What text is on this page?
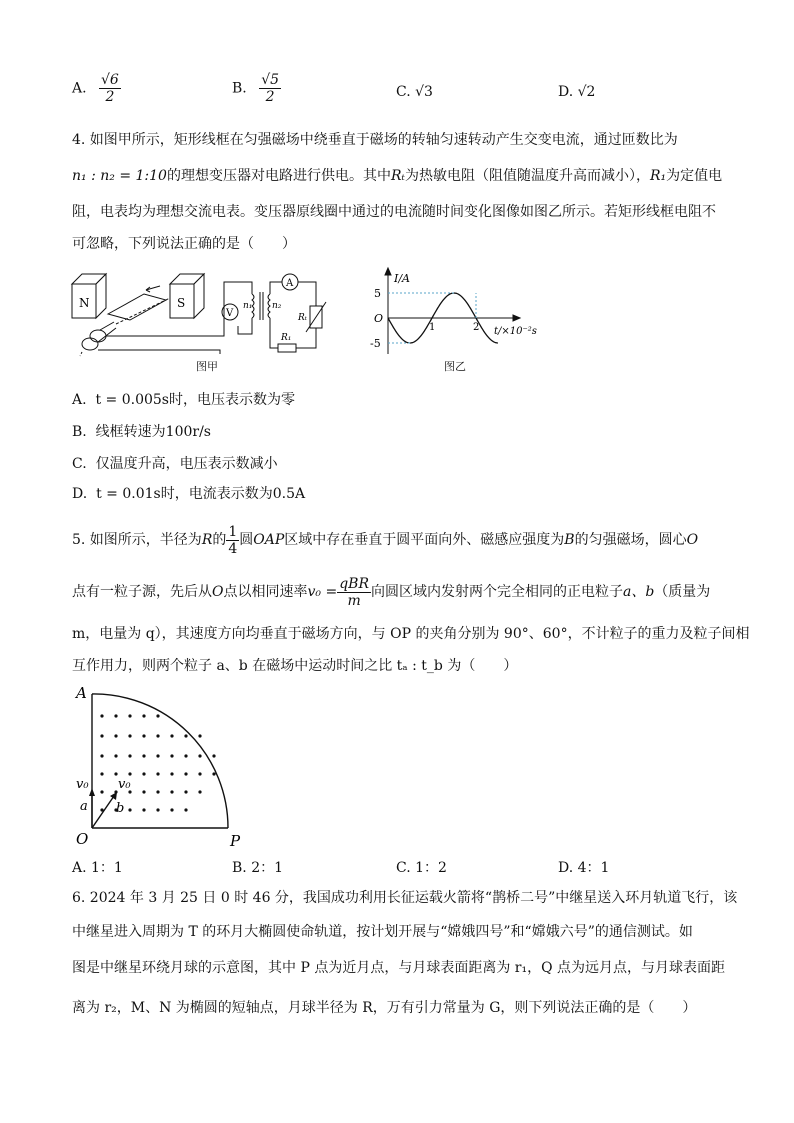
A. $\frac{√6}{2}$	B. $\frac{√5}{2}$	C. √3	D. √2
4. 如图甲所示，矩形线框在匀强磁场中绕垂直于磁场的转轴匀速转动产生交变电流，通过匝数比为
n₁ : n₂ = 1:10的理想变压器对电路进行供电。其中Rₜ为热敏电阻（阻值随温度升高而减小），R₁为定值电
阻，电表均为理想交流电表。变压器原线圈中通过的电流随时间变化图像如图乙所示。若矩形线框电阻不
可忽略，下列说法正确的是（　　）
N	S
V
A
n₁ n₂
Rₜ
R₁
图甲
1	2
5
O
-5
I/A
t/×10⁻²s
图乙
A. t = 0.005s时，电压表示数为零
B. 线框转速为100r/s
C. 仅温度升高，电压表示数减小
D. t = 0.01s时，电流表示数为0.5A
5. 如图所示，半径为R的 $\frac{1}{4}$ 圆OAP区域中存在垂直于圆平面向外、磁感应强度为B的匀强磁场，圆心O
点有一粒子源，先后从O点以相同速率$v_0 = \frac{\text{qBR}}{m}$ 向圆区域内发射两个完全相同的正电粒子a、b（质量为
m，电量为 q），其速度方向均垂直于磁场方向，与 OP 的夹角分别为 90°、60°，不计粒子的重力及粒子间相
互作用力，则两个粒子 a、b 在磁场中运动时间之比 tₐ : t_b 为（　　）
A
O	P
v₀ v₀
a b
A. 1：1	B. 2：1	C. 1：2	D. 4：1
6. 2024 年 3 月 25 日 0 时 46 分，我国成功利用长征运载火箭将“鹊桥二号”中继星送入环月轨道飞行，该
中继星进入周期为 T 的环月大椭圆使命轨道，按计划开展与“嫦娥四号”和“嫦娥六号”的通信测试。如
图是中继星环绕月球的示意图，其中 P 点为近月点，与月球表面距离为 r₁，Q 点为远月点，与月球表面距
离为 r₂，M、N 为椭圆的短轴点，月球半径为 R，万有引力常量为 G，则下列说法正确的是（　　）
